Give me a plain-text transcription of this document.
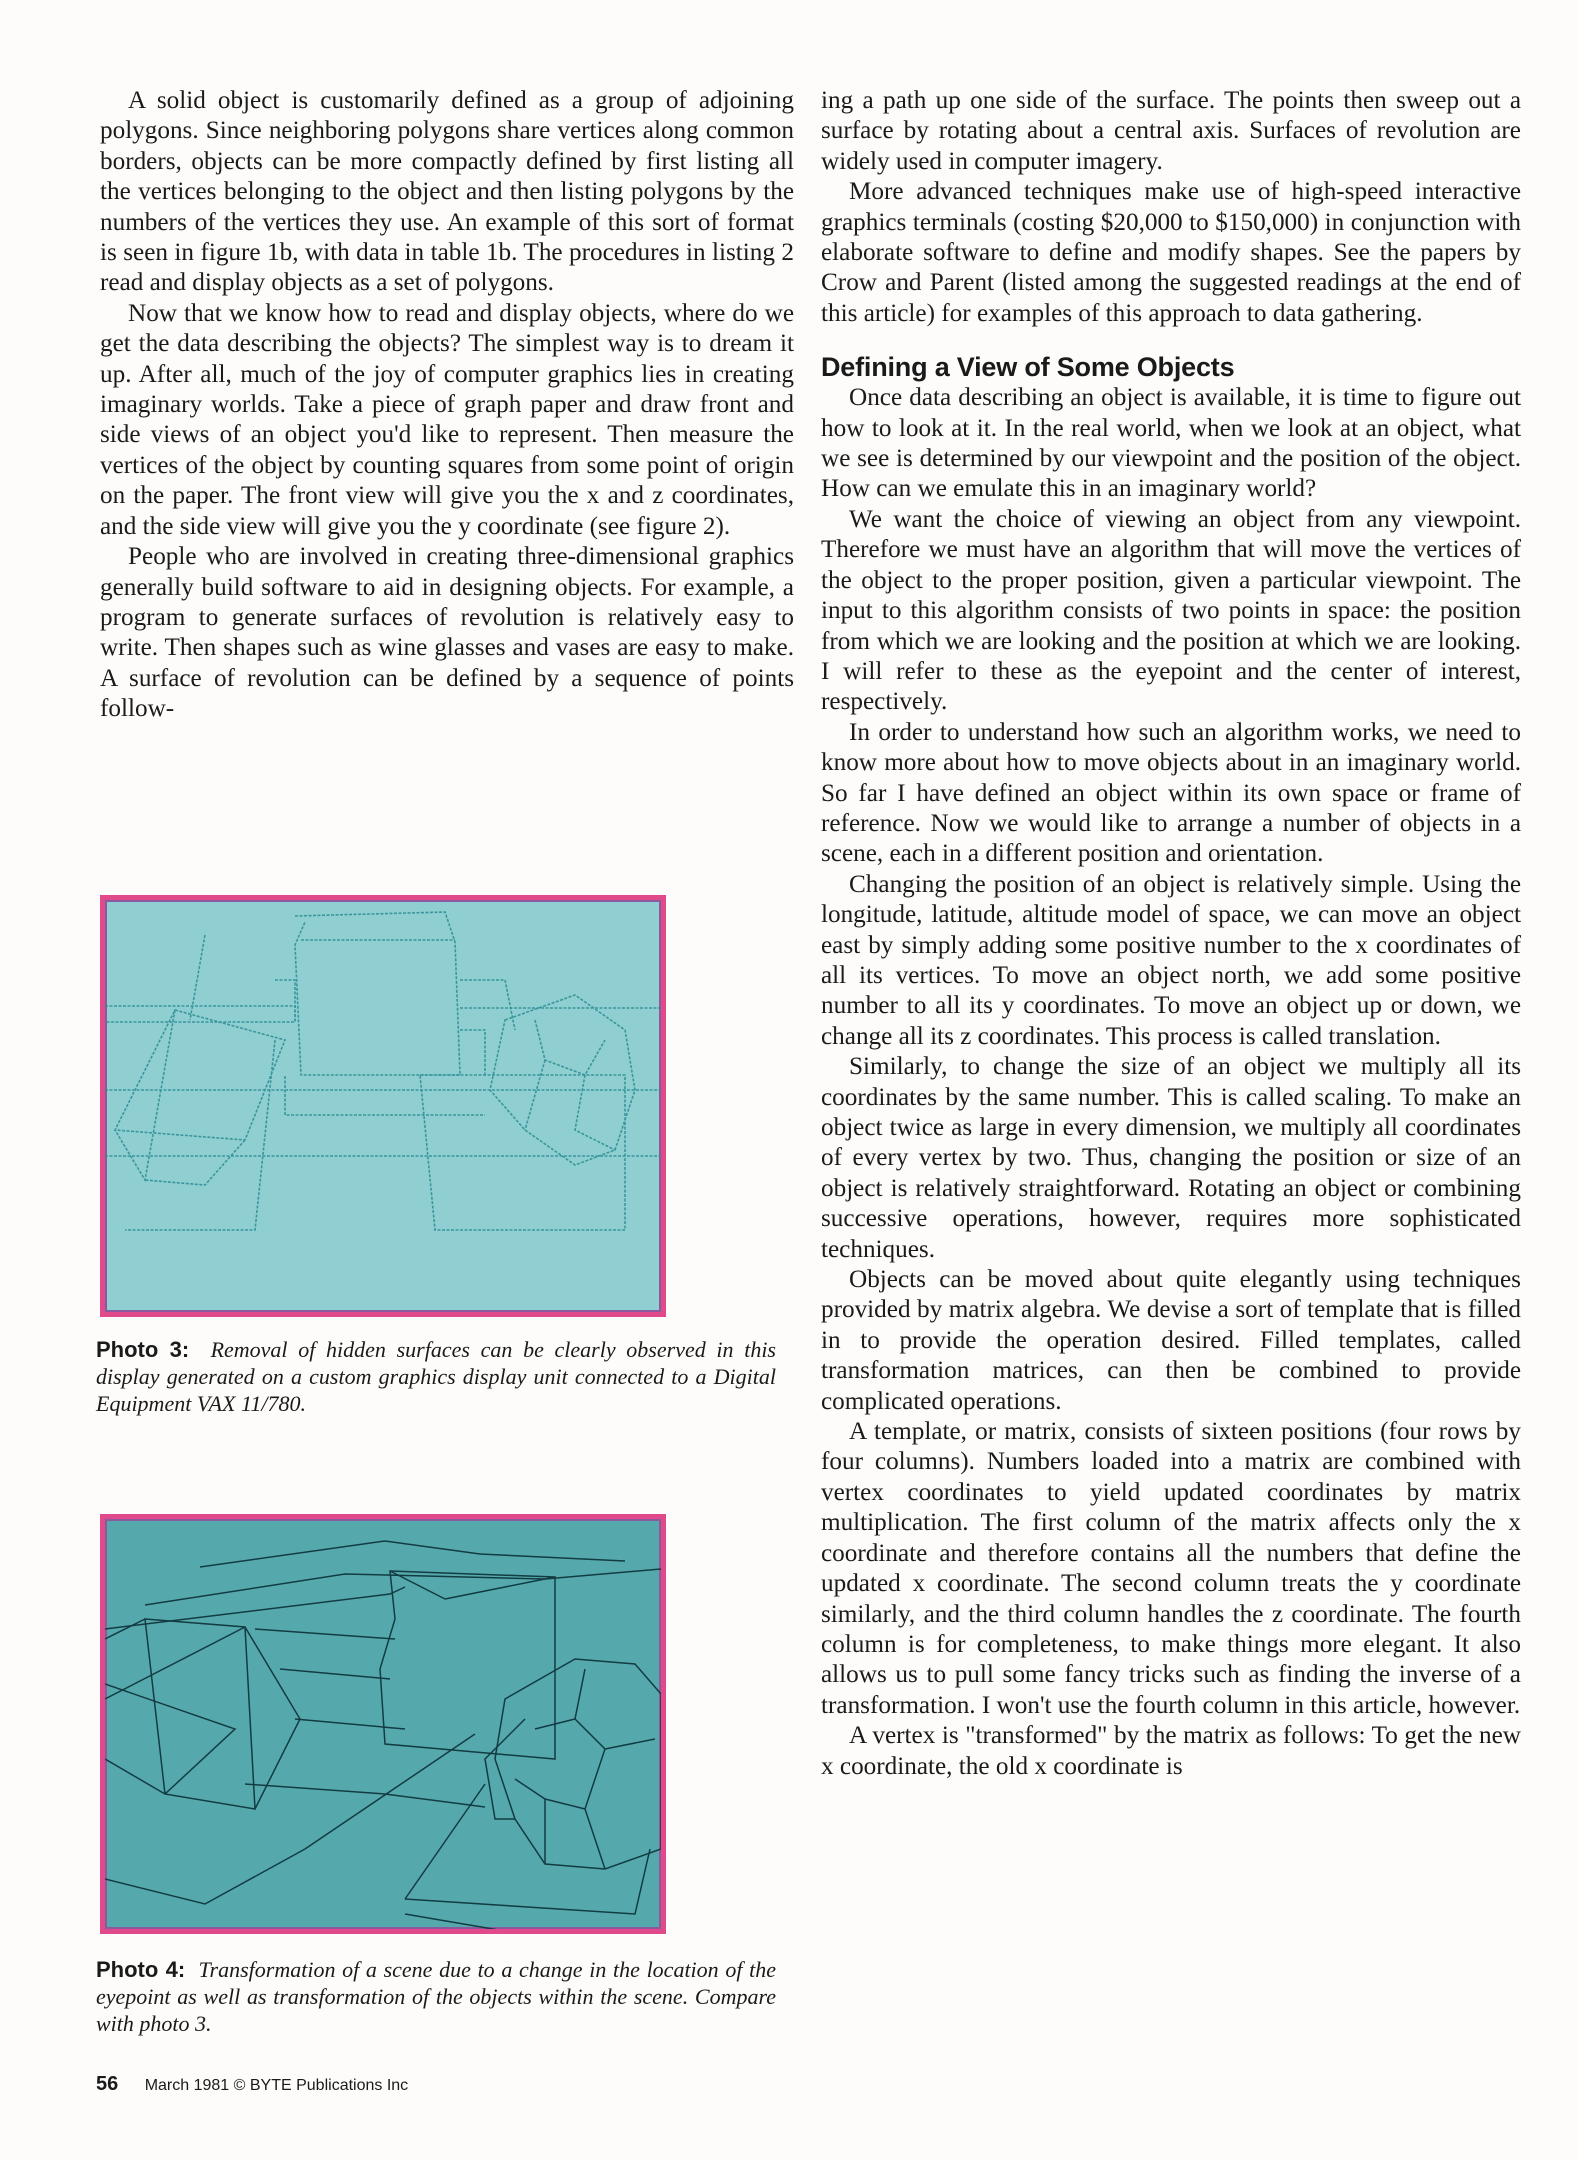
A solid object is customarily defined as a group of adjoining polygons. Since neighboring polygons share vertices along common borders, objects can be more compactly defined by first listing all the vertices belonging to the object and then listing polygons by the numbers of the vertices they use. An example of this sort of format is seen in figure 1b, with data in table 1b. The procedures in listing 2 read and display objects as a set of polygons.

Now that we know how to read and display objects, where do we get the data describing the objects? The simplest way is to dream it up. After all, much of the joy of computer graphics lies in creating imaginary worlds. Take a piece of graph paper and draw front and side views of an object you'd like to represent. Then measure the vertices of the object by counting squares from some point of origin on the paper. The front view will give you the x and z coordinates, and the side view will give you the y coordinate (see figure 2).

People who are involved in creating three-dimensional graphics generally build software to aid in designing objects. For example, a program to generate surfaces of revolution is relatively easy to write. Then shapes such as wine glasses and vases are easy to make. A surface of revolution can be defined by a sequence of points follow-

Photo 3: Removal of hidden surfaces can be clearly observed in this display generated on a custom graphics display unit connected to a Digital Equipment VAX 11/780.
Photo 4: Transformation of a scene due to a change in the location of the eyepoint as well as transformation of the objects within the scene. Compare with photo 3.

ing a path up one side of the surface. The points then sweep out a surface by rotating about a central axis. Surfaces of revolution are widely used in computer imagery.

More advanced techniques make use of high-speed interactive graphics terminals (costing $20,000 to $150,000) in conjunction with elaborate software to define and modify shapes. See the papers by Crow and Parent (listed among the suggested readings at the end of this article) for examples of this approach to data gathering.

Defining a View of Some Objects

Once data describing an object is available, it is time to figure out how to look at it. In the real world, when we look at an object, what we see is determined by our viewpoint and the position of the object. How can we emulate this in an imaginary world?

We want the choice of viewing an object from any viewpoint. Therefore we must have an algorithm that will move the vertices of the object to the proper position, given a particular viewpoint. The input to this algorithm consists of two points in space: the position from which we are looking and the position at which we are looking. I will refer to these as the eyepoint and the center of interest, respectively.

In order to understand how such an algorithm works, we need to know more about how to move objects about in an imaginary world. So far I have defined an object within its own space or frame of reference. Now we would like to arrange a number of objects in a scene, each in a different position and orientation.

Changing the position of an object is relatively simple. Using the longitude, latitude, altitude model of space, we can move an object east by simply adding some positive number to the x coordinates of all its vertices. To move an object north, we add some positive number to all its y coordinates. To move an object up or down, we change all its z coordinates. This process is called translation.

Similarly, to change the size of an object we multiply all its coordinates by the same number. This is called scaling. To make an object twice as large in every dimension, we multiply all coordinates of every vertex by two. Thus, changing the position or size of an object is relatively straightforward. Rotating an object or combining successive operations, however, requires more sophisticated techniques.

Objects can be moved about quite elegantly using techniques provided by matrix algebra. We devise a sort of template that is filled in to provide the operation desired. Filled templates, called transformation matrices, can then be combined to provide complicated operations.

A template, or matrix, consists of sixteen positions (four rows by four columns). Numbers loaded into a matrix are combined with vertex coordinates to yield updated coordinates by matrix multiplication. The first column of the matrix affects only the x coordinate and therefore contains all the numbers that define the updated x coordinate. The second column treats the y coordinate similarly, and the third column handles the z coordinate. The fourth column is for completeness, to make things more elegant. It also allows us to pull some fancy tricks such as finding the inverse of a transformation. I won't use the fourth column in this article, however.

A vertex is "transformed" by the matrix as follows: To get the new x coordinate, the old x coordinate is

56 March 1981 © BYTE Publications Inc
